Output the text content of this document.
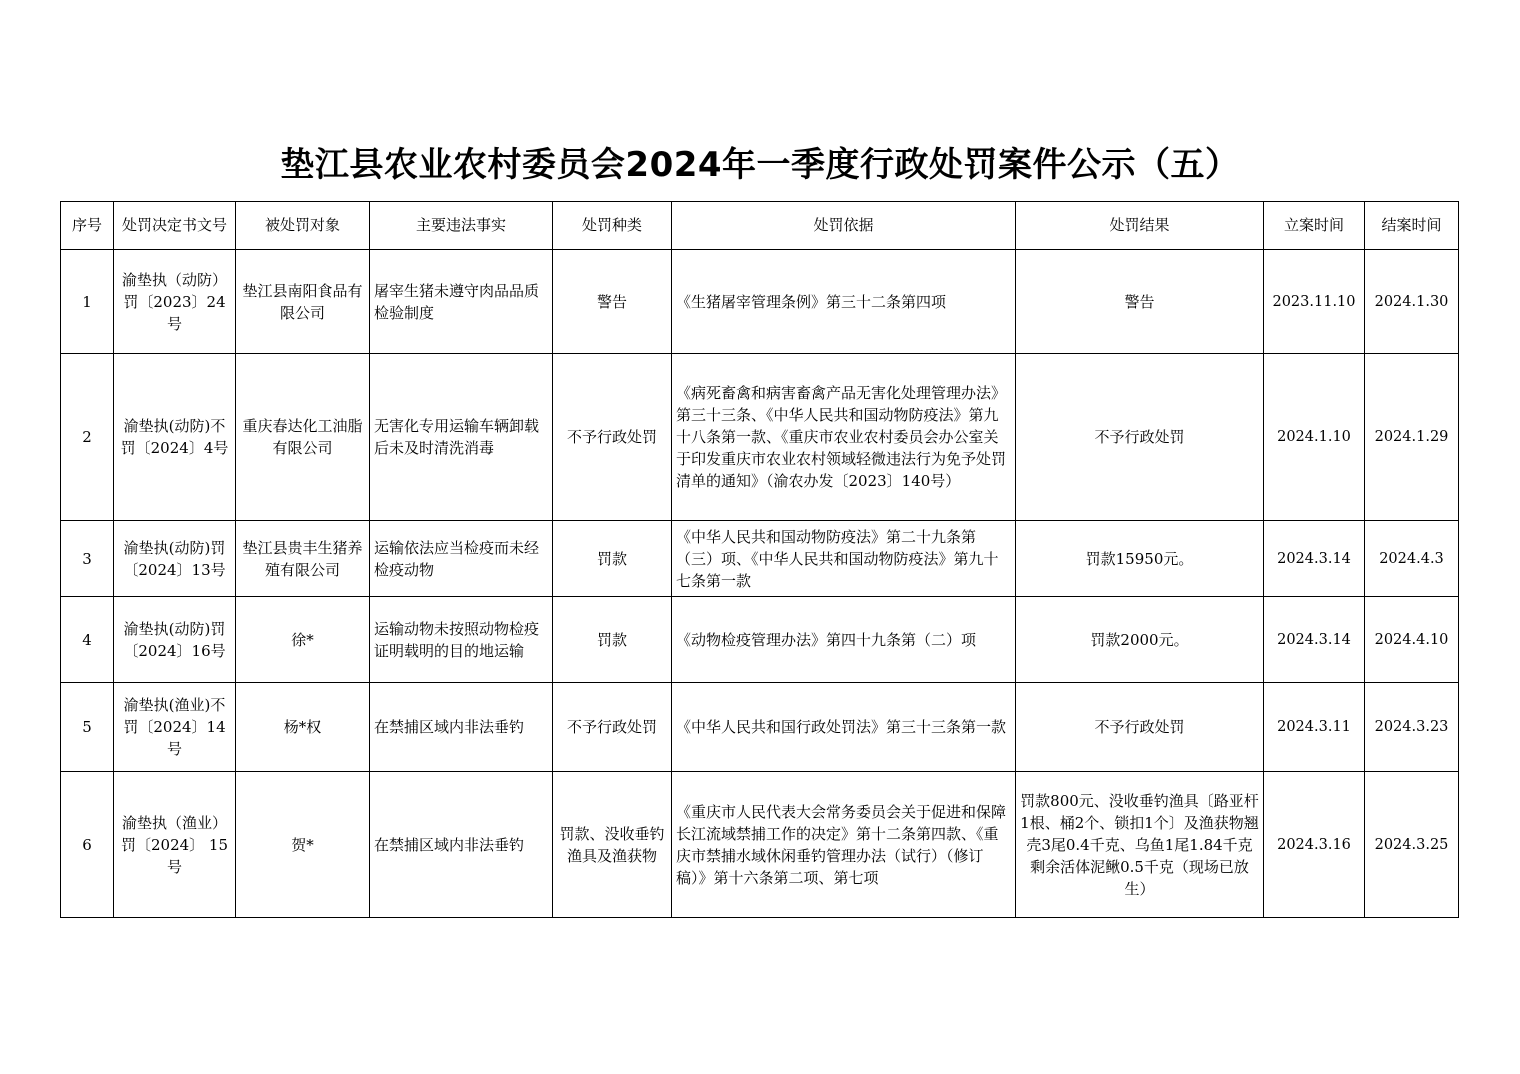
垫江县农业农村委员会2024年一季度行政处罚案件公示（五）
序号	处罚决定书文号	被处罚对象	主要违法事实	处罚种类	处罚依据	处罚结果	立案时间	结案时间
1	渝垫执（动防）罚〔2023〕24号	垫江县南阳食品有限公司	屠宰生猪未遵守肉品品质检验制度	警告	《生猪屠宰管理条例》第三十二条第四项	警告	2023.11.10	2024.1.30
2	渝垫执(动防)不罚〔2024〕4号	重庆春达化工油脂有限公司	无害化专用运输车辆卸载后未及时清洗消毒	不予行政处罚	《病死畜禽和病害畜禽产品无害化处理管理办法》第三十三条、《中华人民共和国动物防疫法》第九十八条第一款、《重庆市农业农村委员会办公室关于印发重庆市农业农村领域轻微违法行为免予处罚清单的通知》（渝农办发〔2023〕140号）	不予行政处罚	2024.1.10	2024.1.29
3	渝垫执(动防)罚〔2024〕13号	垫江县贵丰生猪养殖有限公司	运输依法应当检疫而未经检疫动物	罚款	《中华人民共和国动物防疫法》第二十九条第（三）项、《中华人民共和国动物防疫法》第九十七条第一款	罚款15950元。	2024.3.14	2024.4.3
4	渝垫执(动防)罚〔2024〕16号	徐*	运输动物未按照动物检疫证明载明的目的地运输	罚款	《动物检疫管理办法》第四十九条第（二）项	罚款2000元。	2024.3.14	2024.4.10
5	渝垫执(渔业)不罚〔2024〕14号	杨*权	在禁捕区域内非法垂钓	不予行政处罚	《中华人民共和国行政处罚法》第三十三条第一款	不予行政处罚	2024.3.11	2024.3.23
6	渝垫执（渔业）罚〔2024〕 15号	贺*	在禁捕区域内非法垂钓	罚款、没收垂钓渔具及渔获物	《重庆市人民代表大会常务委员会关于促进和保障长江流域禁捕工作的决定》第十二条第四款、《重庆市禁捕水域休闲垂钓管理办法（试行）（修订稿）》第十六条第二项、第七项	罚款800元、没收垂钓渔具〔路亚杆1根、桶2个、锁扣1个〕及渔获物翘壳3尾0.4千克、乌鱼1尾1.84千克剩余活体泥鳅0.5千克（现场已放生）	2024.3.16	2024.3.25
